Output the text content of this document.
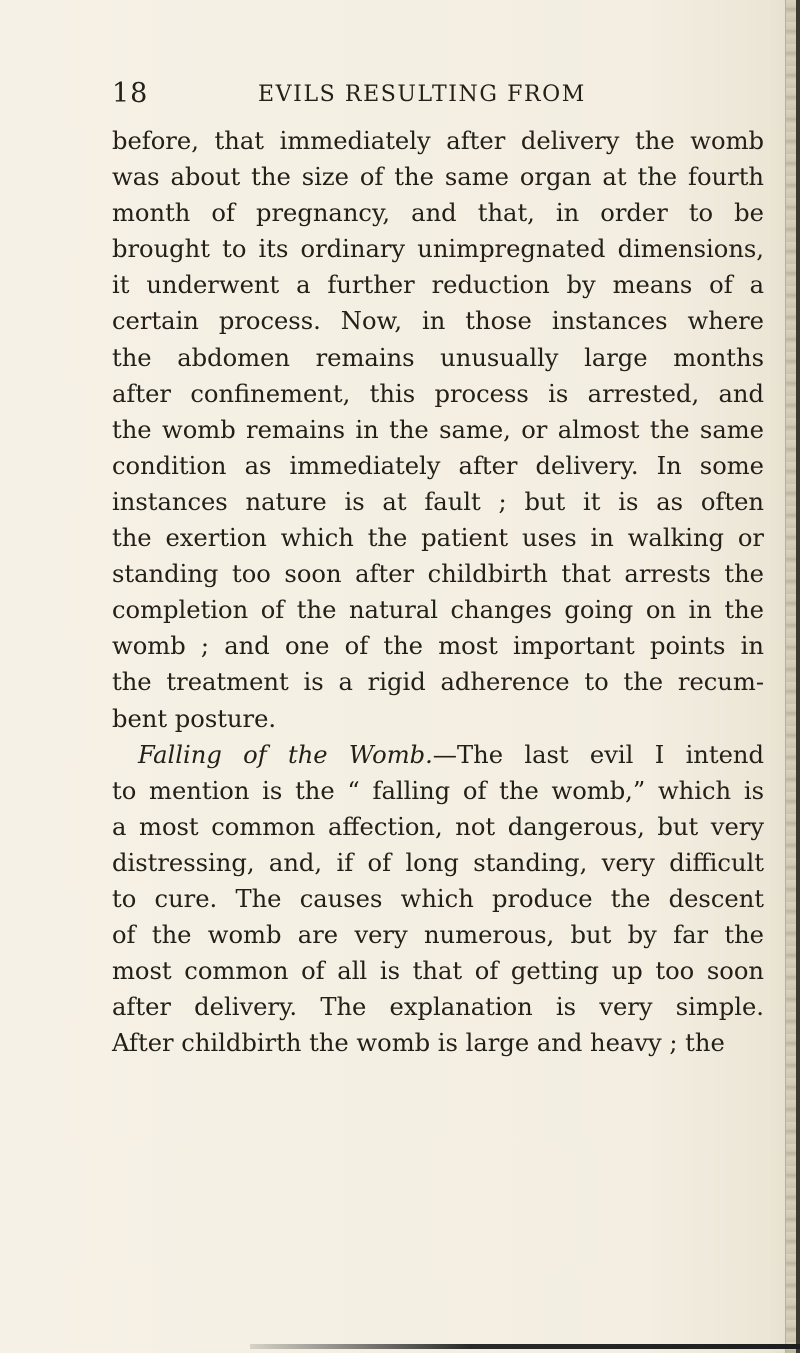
18	EVILS RESULTING FROM
before, that immediately after delivery the womb
was about the size of the same organ at the fourth
month of pregnancy, and that, in order to be
brought to its ordinary unimpregnated dimensions,
it underwent a further reduction by means of a
certain process. Now, in those instances where
the abdomen remains unusually large months
after confinement, this process is arrested, and
the womb remains in the same, or almost the same
condition as immediately after delivery. In some
instances nature is at fault ; but it is as often
the exertion which the patient uses in walking or
standing too soon after childbirth that arrests the
completion of the natural changes going on in the
womb ; and one of the most important points in
the treatment is a rigid adherence to the recum-
bent posture.
Falling of the Womb.—The last evil I intend
to mention is the “ falling of the womb,” which is
a most common affection, not dangerous, but very
distressing, and, if of long standing, very difficult
to cure. The causes which produce the descent
of the womb are very numerous, but by far the
most common of all is that of getting up too soon
after delivery. The explanation is very simple.
After childbirth the womb is large and heavy ; the
